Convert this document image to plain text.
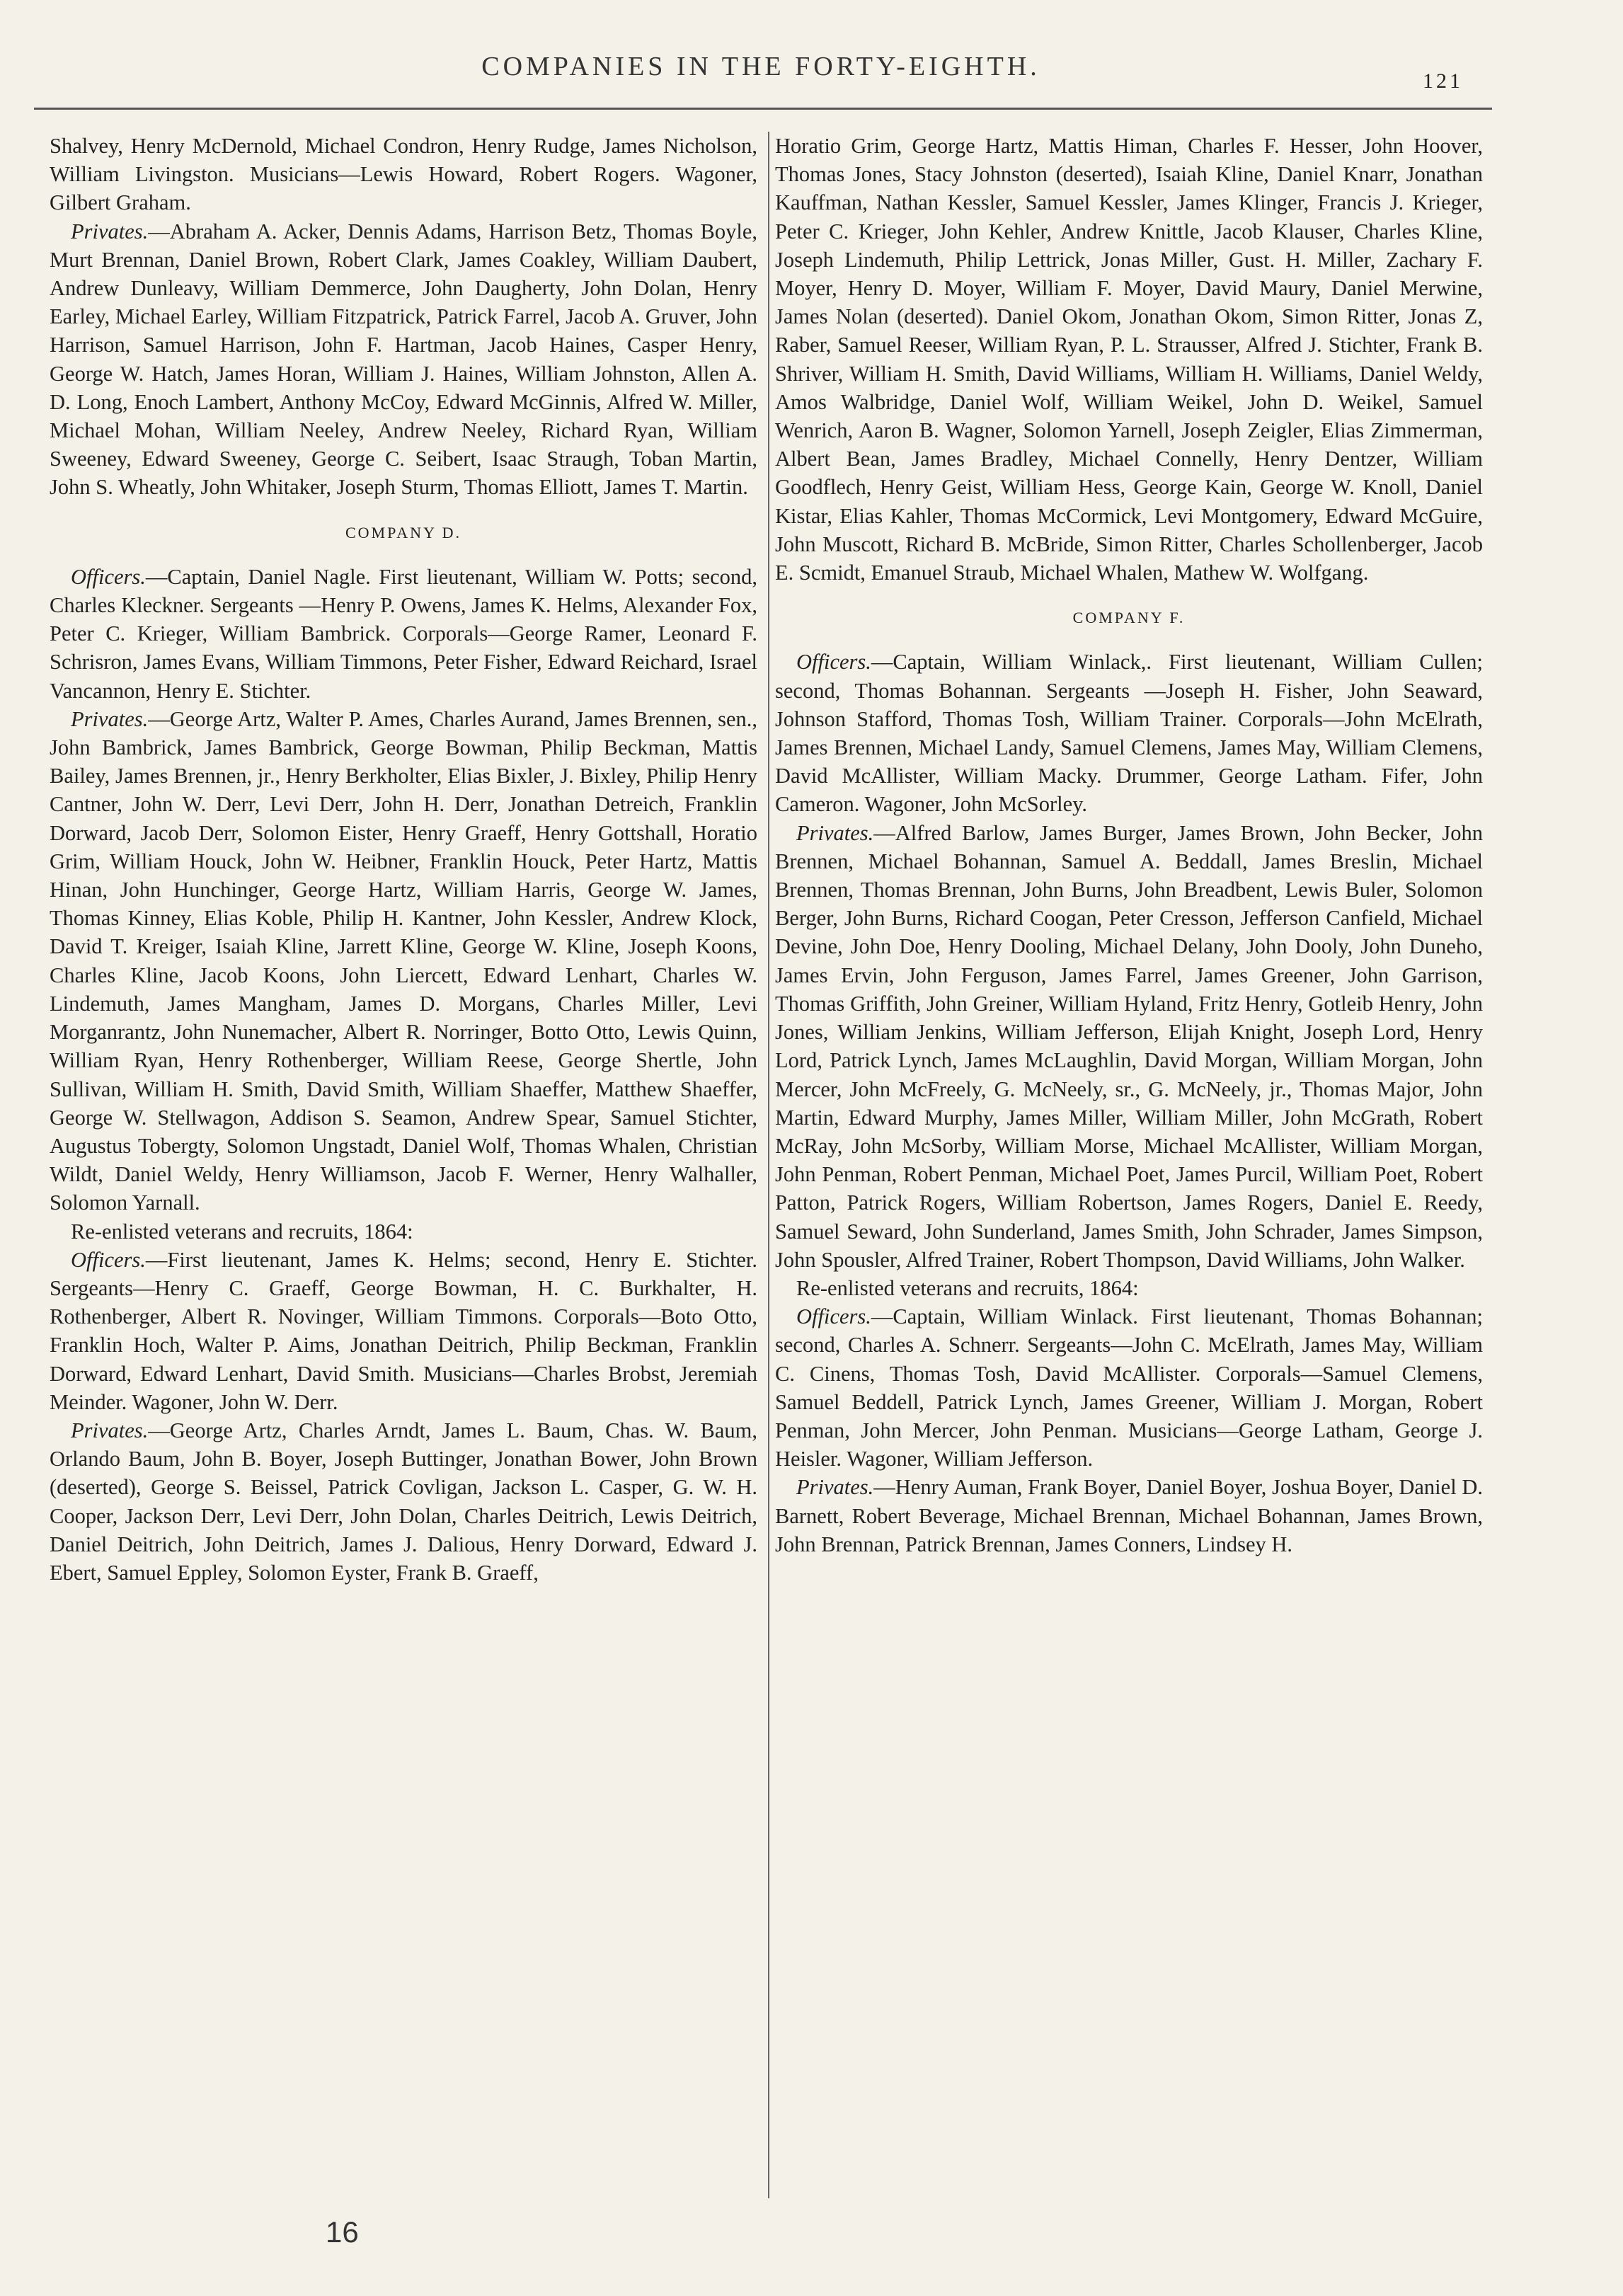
COMPANIES IN THE FORTY-EIGHTH.	121

Shalvey, Henry McDernold, Michael Condron, Henry Rudge, James Nicholson, William Livingston. Musicians—Lewis Howard, Robert Rogers. Wagoner, Gilbert Graham.

Privates.—Abraham A. Acker, Dennis Adams, Harrison Betz, Thomas Boyle, Murt Brennan, Daniel Brown, Robert Clark, James Coakley, William Daubert, Andrew Dunleavy, William Demmerce, John Daugherty, John Dolan, Henry Earley, Michael Earley, William Fitzpatrick, Patrick Farrel, Jacob A. Gruver, John Harrison, Samuel Harrison, John F. Hartman, Jacob Haines, Casper Henry, George W. Hatch, James Horan, William J. Haines, William Johnston, Allen A. D. Long, Enoch Lambert, Anthony McCoy, Edward McGinnis, Alfred W. Miller, Michael Mohan, William Neeley, Andrew Neeley, Richard Ryan, William Sweeney, Edward Sweeney, George C. Seibert, Isaac Straugh, Toban Martin, John S. Wheatly, John Whitaker, Joseph Sturm, Thomas Elliott, James T. Martin.

COMPANY D.

Officers.—Captain, Daniel Nagle. First lieutenant, William W. Potts; second, Charles Kleckner. Sergeants —Henry P. Owens, James K. Helms, Alexander Fox, Peter C. Krieger, William Bambrick. Corporals—George Ramer, Leonard F. Schrisron, James Evans, William Timmons, Peter Fisher, Edward Reichard, Israel Vancannon, Henry E. Stichter.

Privates.—George Artz, Walter P. Ames, Charles Aurand, James Brennen, sen., John Bambrick, James Bambrick, George Bowman, Philip Beckman, Mattis Bailey, James Brennen, jr., Henry Berkholter, Elias Bixler, J. Bixley, Philip Henry Cantner, John W. Derr, Levi Derr, John H. Derr, Jonathan Detreich, Franklin Dorward, Jacob Derr, Solomon Eister, Henry Graeff, Henry Gottshall, Horatio Grim, William Houck, John W. Heibner, Franklin Houck, Peter Hartz, Mattis Hinan, John Hunchinger, George Hartz, William Harris, George W. James, Thomas Kinney, Elias Koble, Philip H. Kantner, John Kessler, Andrew Klock, David T. Kreiger, Isaiah Kline, Jarrett Kline, George W. Kline, Joseph Koons, Charles Kline, Jacob Koons, John Liercett, Edward Lenhart, Charles W. Lindemuth, James Mangham, James D. Morgans, Charles Miller, Levi Morganrantz, John Nunemacher, Albert R. Norringer, Botto Otto, Lewis Quinn, William Ryan, Henry Rothenberger, William Reese, George Shertle, John Sullivan, William H. Smith, David Smith, William Shaeffer, Matthew Shaeffer, George W. Stellwagon, Addison S. Seamon, Andrew Spear, Samuel Stichter, Augustus Tobergty, Solomon Ungstadt, Daniel Wolf, Thomas Whalen, Christian Wildt, Daniel Weldy, Henry Williamson, Jacob F. Werner, Henry Walhaller, Solomon Yarnall.

Re-enlisted veterans and recruits, 1864:

Officers.—First lieutenant, James K. Helms; second, Henry E. Stichter. Sergeants—Henry C. Graeff, George Bowman, H. C. Burkhalter, H. Rothenberger, Albert R. Novinger, William Timmons. Corporals—Boto Otto, Franklin Hoch, Walter P. Aims, Jonathan Deitrich, Philip Beckman, Franklin Dorward, Edward Lenhart, David Smith. Musicians—Charles Brobst, Jeremiah Meinder. Wagoner, John W. Derr.

Privates.—George Artz, Charles Arndt, James L. Baum, Chas. W. Baum, Orlando Baum, John B. Boyer, Joseph Buttinger, Jonathan Bower, John Brown (deserted), George S. Beissel, Patrick Covligan, Jackson L. Casper, G. W. H. Cooper, Jackson Derr, Levi Derr, John Dolan, Charles Deitrich, Lewis Deitrich, Daniel Deitrich, John Deitrich, James J. Dalious, Henry Dorward, Edward J. Ebert, Samuel Eppley, Solomon Eyster, Frank B. Graeff,

Horatio Grim, George Hartz, Mattis Himan, Charles F. Hesser, John Hoover, Thomas Jones, Stacy Johnston (deserted), Isaiah Kline, Daniel Knarr, Jonathan Kauffman, Nathan Kessler, Samuel Kessler, James Klinger, Francis J. Krieger, Peter C. Krieger, John Kehler, Andrew Knittle, Jacob Klauser, Charles Kline, Joseph Lindemuth, Philip Lettrick, Jonas Miller, Gust. H. Miller, Zachary F. Moyer, Henry D. Moyer, William F. Moyer, David Maury, Daniel Merwine, James Nolan (deserted). Daniel Okom, Jonathan Okom, Simon Ritter, Jonas Z, Raber, Samuel Reeser, William Ryan, P. L. Strausser, Alfred J. Stichter, Frank B. Shriver, William H. Smith, David Williams, William H. Williams, Daniel Weldy, Amos Walbridge, Daniel Wolf, William Weikel, John D. Weikel, Samuel Wenrich, Aaron B. Wagner, Solomon Yarnell, Joseph Zeigler, Elias Zimmerman, Albert Bean, James Bradley, Michael Connelly, Henry Dentzer, William Goodflech, Henry Geist, William Hess, George Kain, George W. Knoll, Daniel Kistar, Elias Kahler, Thomas McCormick, Levi Montgomery, Edward McGuire, John Muscott, Richard B. McBride, Simon Ritter, Charles Schollenberger, Jacob E. Scmidt, Emanuel Straub, Michael Whalen, Mathew W. Wolfgang.

COMPANY F.

Officers.—Captain, William Winlack,. First lieutenant, William Cullen; second, Thomas Bohannan. Sergeants —Joseph H. Fisher, John Seaward, Johnson Stafford, Thomas Tosh, William Trainer. Corporals—John McElrath, James Brennen, Michael Landy, Samuel Clemens, James May, William Clemens, David McAllister, William Macky. Drummer, George Latham. Fifer, John Cameron. Wagoner, John McSorley.

Privates.—Alfred Barlow, James Burger, James Brown, John Becker, John Brennen, Michael Bohannan, Samuel A. Beddall, James Breslin, Michael Brennen, Thomas Brennan, John Burns, John Breadbent, Lewis Buler, Solomon Berger, John Burns, Richard Coogan, Peter Cresson, Jefferson Canfield, Michael Devine, John Doe, Henry Dooling, Michael Delany, John Dooly, John Duneho, James Ervin, John Ferguson, James Farrel, James Greener, John Garrison, Thomas Griffith, John Greiner, William Hyland, Fritz Henry, Gotleib Henry, John Jones, William Jenkins, William Jefferson, Elijah Knight, Joseph Lord, Henry Lord, Patrick Lynch, James McLaughlin, David Morgan, William Morgan, John Mercer, John McFreely, G. McNeely, sr., G. McNeely, jr., Thomas Major, John Martin, Edward Murphy, James Miller, William Miller, John McGrath, Robert McRay, John McSorby, William Morse, Michael McAllister, William Morgan, John Penman, Robert Penman, Michael Poet, James Purcil, William Poet, Robert Patton, Patrick Rogers, William Robertson, James Rogers, Daniel E. Reedy, Samuel Seward, John Sunderland, James Smith, John Schrader, James Simpson, John Spousler, Alfred Trainer, Robert Thompson, David Williams, John Walker.

Re-enlisted veterans and recruits, 1864:

Officers.—Captain, William Winlack. First lieutenant, Thomas Bohannan; second, Charles A. Schnerr. Sergeants—John C. McElrath, James May, William C. Cinens, Thomas Tosh, David McAllister. Corporals—Samuel Clemens, Samuel Beddell, Patrick Lynch, James Greener, William J. Morgan, Robert Penman, John Mercer, John Penman. Musicians—George Latham, George J. Heisler. Wagoner, William Jefferson.

Privates.—Henry Auman, Frank Boyer, Daniel Boyer, Joshua Boyer, Daniel D. Barnett, Robert Beverage, Michael Brennan, Michael Bohannan, James Brown, John Brennan, Patrick Brennan, James Conners, Lindsey H.

16
